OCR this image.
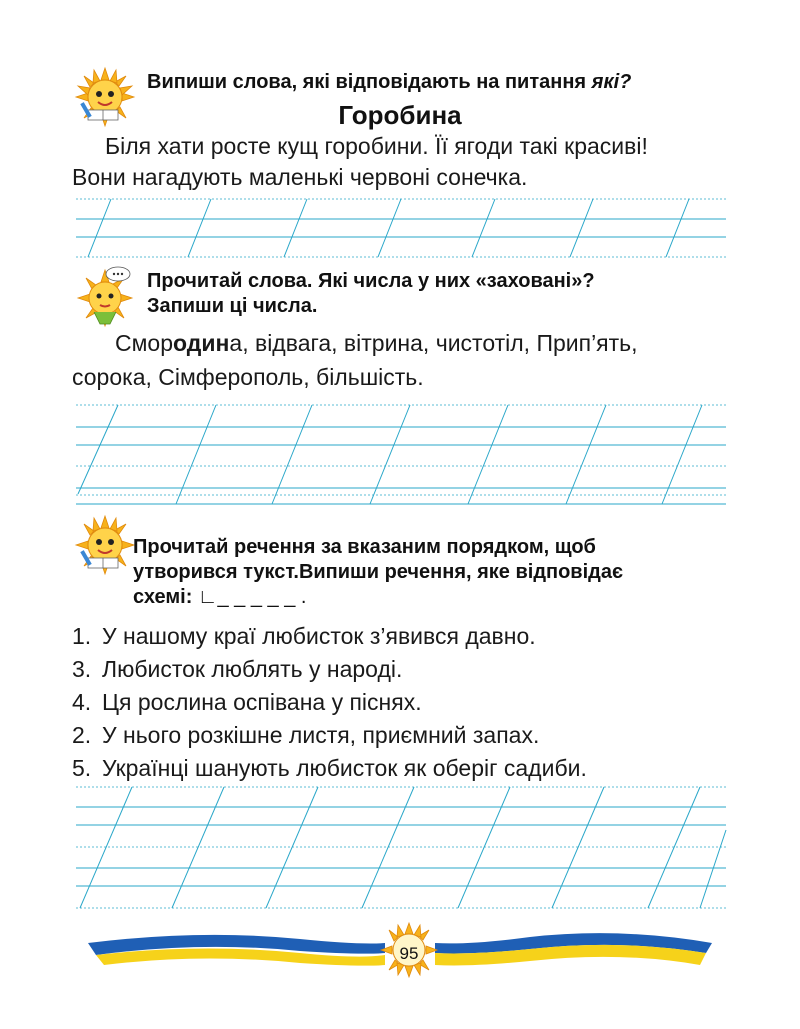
Випиши слова, які відповідають на питання які?
Горобина
Біля хати росте кущ горобини. Її ягоди такі красиві!
Вони нагадують маленькі червоні сонечка.
Прочитай слова. Які числа у них «заховані»?
Запиши ці числа.
Смородина, відвага, вітрина, чистотіл, Прип’ять,
сорока, Сімферополь, більшість.
Прочитай речення за вказаним порядком, щоб
утворився тукст.Випиши речення, яке відповідає
схемі: ∟_ _ _ _ _ .
1. У нашому краї любисток з’явився давно.
3. Любисток люблять у народі.
4. Ця рослина оспівана у піснях.
2. У нього розкішне листя, приємний запах.
5. Українці шанують любисток як оберіг садиби.
95
